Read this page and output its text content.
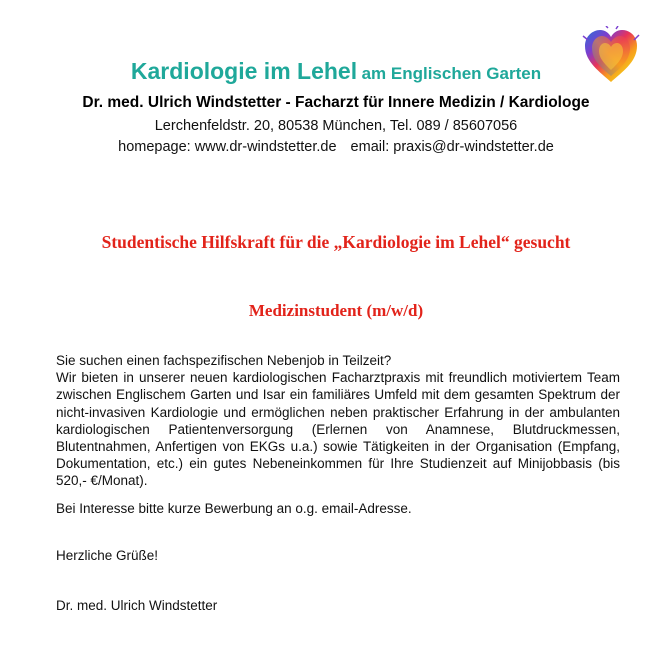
Kardiologie im Lehel am Englischen Garten
Dr. med. Ulrich Windstetter - Facharzt für Innere Medizin / Kardiologe
Lerchenfeldstr. 20, 80538 München, Tel. 089 / 85607056
homepage: www.dr-windstetter.de email: praxis@dr-windstetter.de
Studentische Hilfskraft für die „Kardiologie im Lehel“ gesucht
Medizinstudent (m/w/d)
Sie suchen einen fachspezifischen Nebenjob in Teilzeit?
Wir bieten in unserer neuen kardiologischen Facharztpraxis mit freundlich motiviertem Team zwischen Englischem Garten und Isar ein familiäres Umfeld mit dem gesamten Spektrum der nicht-invasiven Kardiologie und ermöglichen neben praktischer Erfahrung in der ambulanten kardiologischen Patientenversorgung (Erlernen von Anamnese, Blutdruckmessen, Blutentnahmen, Anfertigen von EKGs u.a.) sowie Tätigkeiten in der Organisation (Empfang, Dokumentation, etc.) ein gutes Nebeneinkommen für Ihre Studienzeit auf Minijobbasis (bis 520,- €/Monat).
Bei Interesse bitte kurze Bewerbung an o.g. email-Adresse.
Herzliche Grüße!
Dr. med. Ulrich Windstetter
